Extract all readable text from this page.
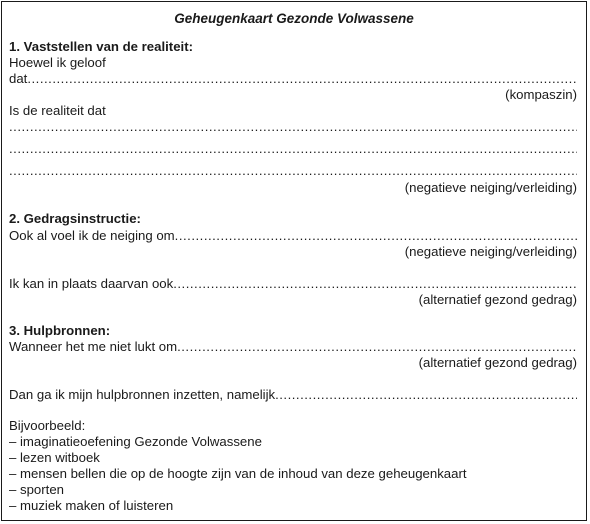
Geheugenkaart Gezonde Volwassene
1. Vaststellen van de realiteit:
Hoewel ik geloof
dat
.....
(kompaszin)
Is de realiteit dat
.....
.....
.....
(negatieve neiging/verleiding)
2. Gedragsinstructie:
Ook al voel ik de neiging om
.....
(negatieve neiging/verleiding)
Ik kan in plaats daarvan ook
.....
(alternatief gezond gedrag)
3. Hulpbronnen:
Wanneer het me niet lukt om
.....
(alternatief gezond gedrag)
Dan ga ik mijn hulpbronnen inzetten, namelijk
.....
Bijvoorbeeld:
– imaginatieoefening Gezonde Volwassene
– lezen witboek
– mensen bellen die op de hoogte zijn van de inhoud van deze geheugenkaart
– sporten
– muziek maken of luisteren
